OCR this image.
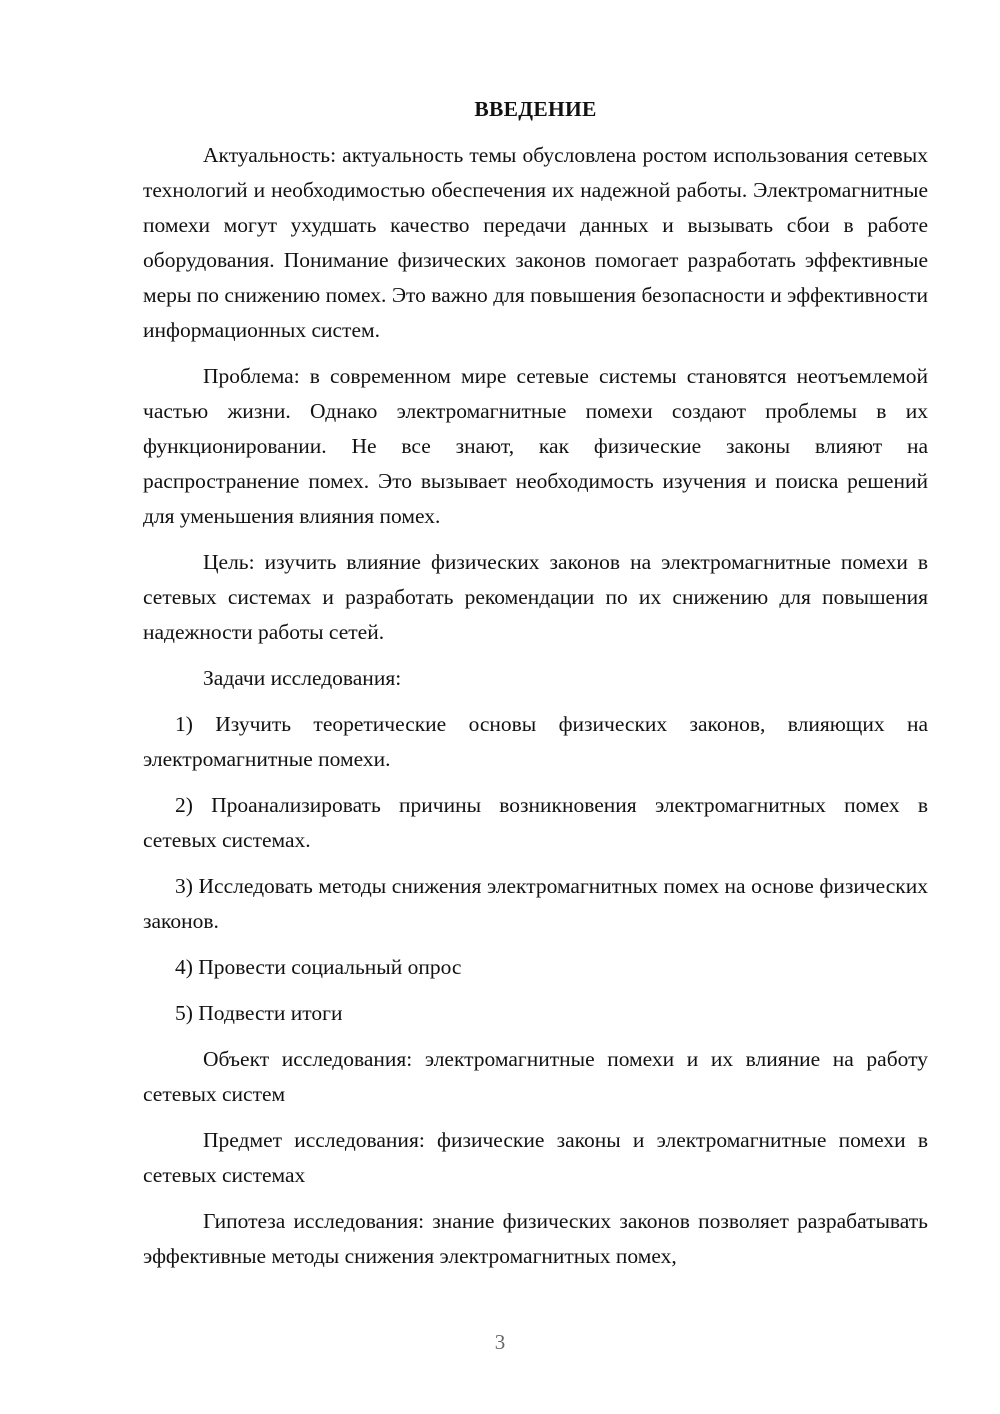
ВВЕДЕНИЕ

Актуальность: актуальность темы обусловлена ростом использования сетевых технологий и необходимостью обеспечения их надежной работы. Электромагнитные помехи могут ухудшать качество передачи данных и вызывать сбои в работе оборудования. Понимание физических законов помогает разработать эффективные меры по снижению помех. Это важно для повышения безопасности и эффективности информационных систем.

Проблема: в современном мире сетевые системы становятся неотъемлемой частью жизни. Однако электромагнитные помехи создают проблемы в их функционировании. Не все знают, как физические законы влияют на распространение помех. Это вызывает необходимость изучения и поиска решений для уменьшения влияния помех.

Цель: изучить влияние физических законов на электромагнитные помехи в сетевых системах и разработать рекомендации по их снижению для повышения надежности работы сетей.

Задачи исследования:

1) Изучить теоретические основы физических законов, влияющих на электромагнитные помехи.

2) Проанализировать причины возникновения электромагнитных помех в сетевых системах.

3) Исследовать методы снижения электромагнитных помех на основе физических законов.

4) Провести социальный опрос

5) Подвести итоги

Объект исследования: электромагнитные помехи и их влияние на работу сетевых систем

Предмет исследования: физические законы и электромагнитные помехи в сетевых системах

Гипотеза исследования: знание физических законов позволяет разрабатывать эффективные методы снижения электромагнитных помех,

3
